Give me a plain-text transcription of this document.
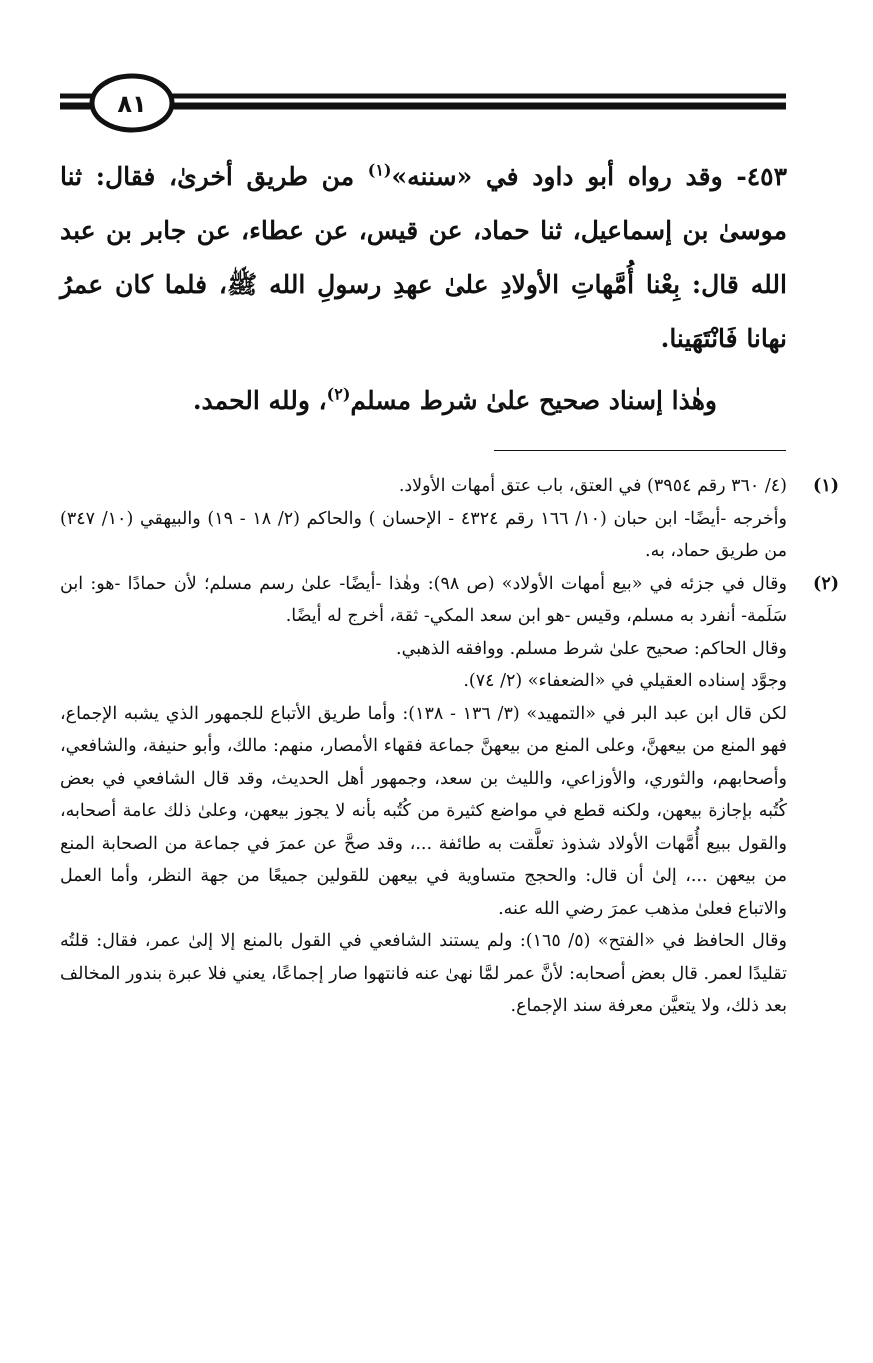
٨١

٤٥٣- وقد رواه أبو داود في «سننه»$^{(١)}$ من طريق أخرىٰ، فقال: ثنا موسىٰ بن إسماعيل، ثنا حماد، عن قيس، عن عطاء، عن جابر بن عبد الله قال: بِعْنا أُمَّهاتِ الأولادِ علىٰ عهدِ رسولِ الله ﷺ، فلما كان عمرُ نهانا فَانْتَهَينا.

وهٰذا إسناد صحيح علىٰ شرط مسلم$^{(٢)}$، ولله الحمد.

(١)

(٤/ ٣٦٠ رقم ٣٩٥٤) في العتق، باب عتق أمهات الأولاد.

وأخرجه -أيضًا- ابن حبان (١٠/ ١٦٦ رقم ٤٣٢٤ - الإحسان ) والحاكم (٢/ ١٨ - ١٩) والبيهقي (١٠/ ٣٤٧) من طريق حماد، به.

(٢)

وقال في جزئه في «بيع أمهات الأولاد» (ص ٩٨): وهٰذا -أيضًا- علىٰ رسم مسلم؛ لأن حمادًا -هو: ابن سَلَمة- أنفرد به مسلم، وقيس -هو ابن سعد المكي- ثقة، أخرج له أيضًا.

وقال الحاكم: صحيح علىٰ شرط مسلم. ووافقه الذهبي.

وجوَّد إسناده العقيلي في «الضعفاء» (٢/ ٧٤).

لكن قال ابن عبد البر في «التمهيد» (٣/ ١٣٦ - ١٣٨): وأما طريق الأتباع للجمهور الذي يشبه الإجماع، فهو المنع من بيعهنَّ، وعلى المنع من بيعهنَّ جماعة فقهاء الأمصار، منهم: مالك، وأبو حنيفة، والشافعي، وأصحابهم، والثوري، والأوزاعي، والليث بن سعد، وجمهور أهل الحديث، وقد قال الشافعي في بعض كُتُبه بإجازة بيعهن، ولكنه قطع في مواضع كثيرة من كُتُبه بأنه لا يجوز بيعهن، وعلىٰ ذلك عامة أصحابه، والقول ببيع أُمَّهات الأولاد شذوذ تعلَّقت به طائفة ...، وقد صحَّ عن عمرَ في جماعة من الصحابة المنع من بيعهن ...، إلىٰ أن قال: والحجج متساوية في بيعهن للقولين جميعًا من جهة النظر، وأما العمل والاتباع فعلىٰ مذهب عمرَ رضي الله عنه.

وقال الحافظ في «الفتح» (٥/ ١٦٥): ولم يستند الشافعي في القول بالمنع إلا إلىٰ عمر، فقال: قلتُه تقليدًا لعمر. قال بعض أصحابه: لأنَّ عمر لمَّا نهىٰ عنه فانتهوا صار إجماعًا، يعني فلا عبرة بندور المخالف بعد ذلك، ولا يتعيَّن معرفة سند الإجماع.
